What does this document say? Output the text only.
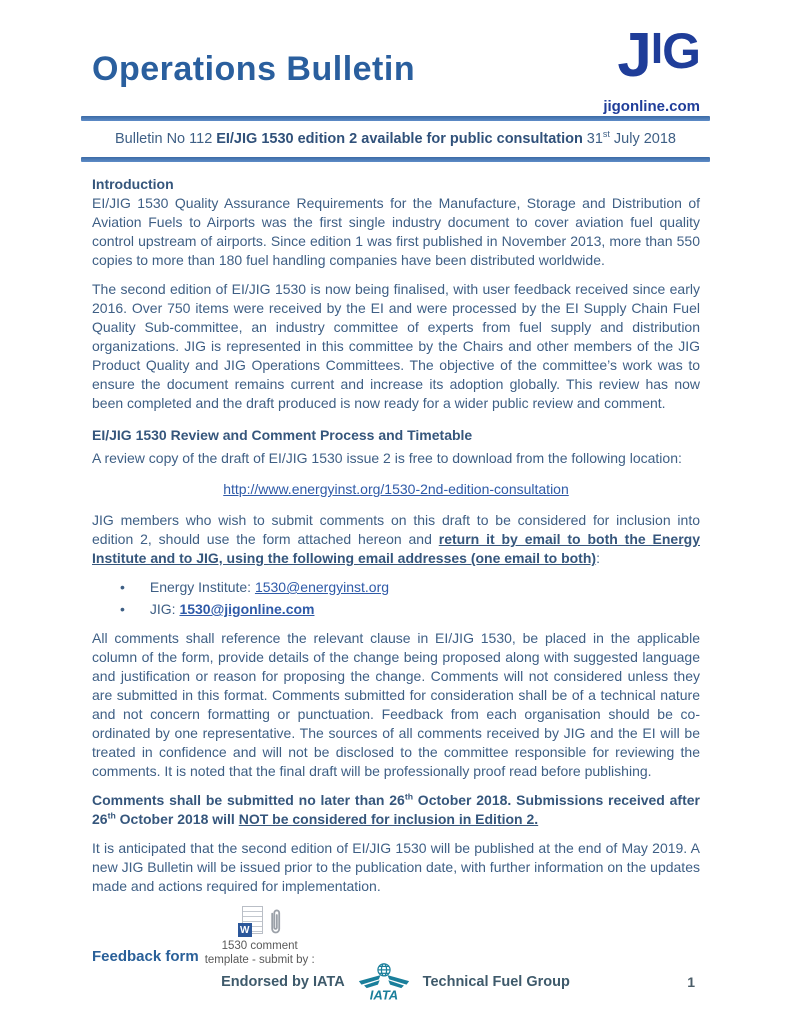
Operations Bulletin	J I G
jigonline.com
Bulletin No 112 EI/JIG 1530 edition 2 available for public consultation 31st July 2018
Introduction
EI/JIG 1530 Quality Assurance Requirements for the Manufacture, Storage and Distribution of Aviation Fuels to Airports was the first single industry document to cover aviation fuel quality control upstream of airports. Since edition 1 was first published in November 2013, more than 550 copies to more than 180 fuel handling companies have been distributed worldwide.
The second edition of EI/JIG 1530 is now being finalised, with user feedback received since early 2016. Over 750 items were received by the EI and were processed by the EI Supply Chain Fuel Quality Sub-committee, an industry committee of experts from fuel supply and distribution organizations. JIG is represented in this committee by the Chairs and other members of the JIG Product Quality and JIG Operations Committees. The objective of the committee’s work was to ensure the document remains current and increase its adoption globally. This review has now been completed and the draft produced is now ready for a wider public review and comment.
EI/JIG 1530 Review and Comment Process and Timetable
A review copy of the draft of EI/JIG 1530 issue 2 is free to download from the following location:
http://www.energyinst.org/1530-2nd-edition-consultation
JIG members who wish to submit comments on this draft to be considered for inclusion into edition 2, should use the form attached hereon and return it by email to both the Energy Institute and to JIG, using the following email addresses (one email to both):
• Energy Institute: 1530@energyinst.org
• JIG: 1530@jigonline.com
All comments shall reference the relevant clause in EI/JIG 1530, be placed in the applicable column of the form, provide details of the change being proposed along with suggested language and justification or reason for proposing the change. Comments will not considered unless they are submitted in this format. Comments submitted for consideration shall be of a technical nature and not concern formatting or punctuation. Feedback from each organisation should be co-ordinated by one representative. The sources of all comments received by JIG and the EI will be treated in confidence and will not be disclosed to the committee responsible for reviewing the comments. It is noted that the final draft will be professionally proof read before publishing.
Comments shall be submitted no later than 26th October 2018. Submissions received after 26th October 2018 will NOT be considered for inclusion in Edition 2.
It is anticipated that the second edition of EI/JIG 1530 will be published at the end of May 2019. A new JIG Bulletin will be issued prior to the publication date, with further information on the updates made and actions required for implementation.
Feedback form
W
1530 comment
template - submit by :
Endorsed by IATA
IATA
Technical Fuel Group	1
